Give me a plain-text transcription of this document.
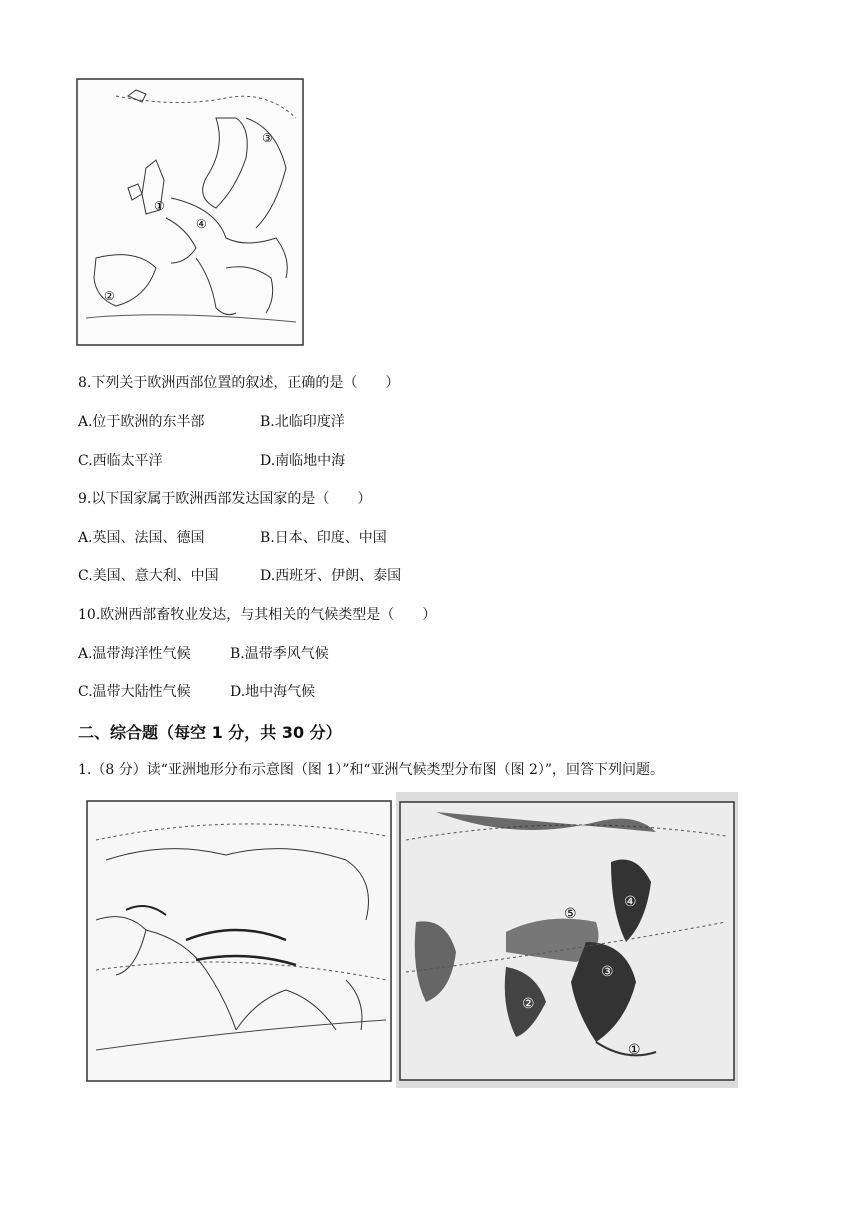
①
②
③
④
8.下列关于欧洲西部位置的叙述，正确的是（　　）
A.位于欧洲的东半部	B.北临印度洋
C.西临太平洋	D.南临地中海
9.以下国家属于欧洲西部发达国家的是（　　）
A.英国、法国、德国	B.日本、印度、中国
C.美国、意大利、中国	D.西班牙、伊朗、泰国
10.欧洲西部畜牧业发达，与其相关的气候类型是（　　）
A.温带海洋性气候	B.温带季风气候
C.温带大陆性气候	D.地中海气候
二、综合题（每空 1 分，共 30 分）
1.（8 分）读“亚洲地形分布示意图（图 1）”和“亚洲气候类型分布图（图 2）”，回答下列问题。
①
②
③
④
⑤
